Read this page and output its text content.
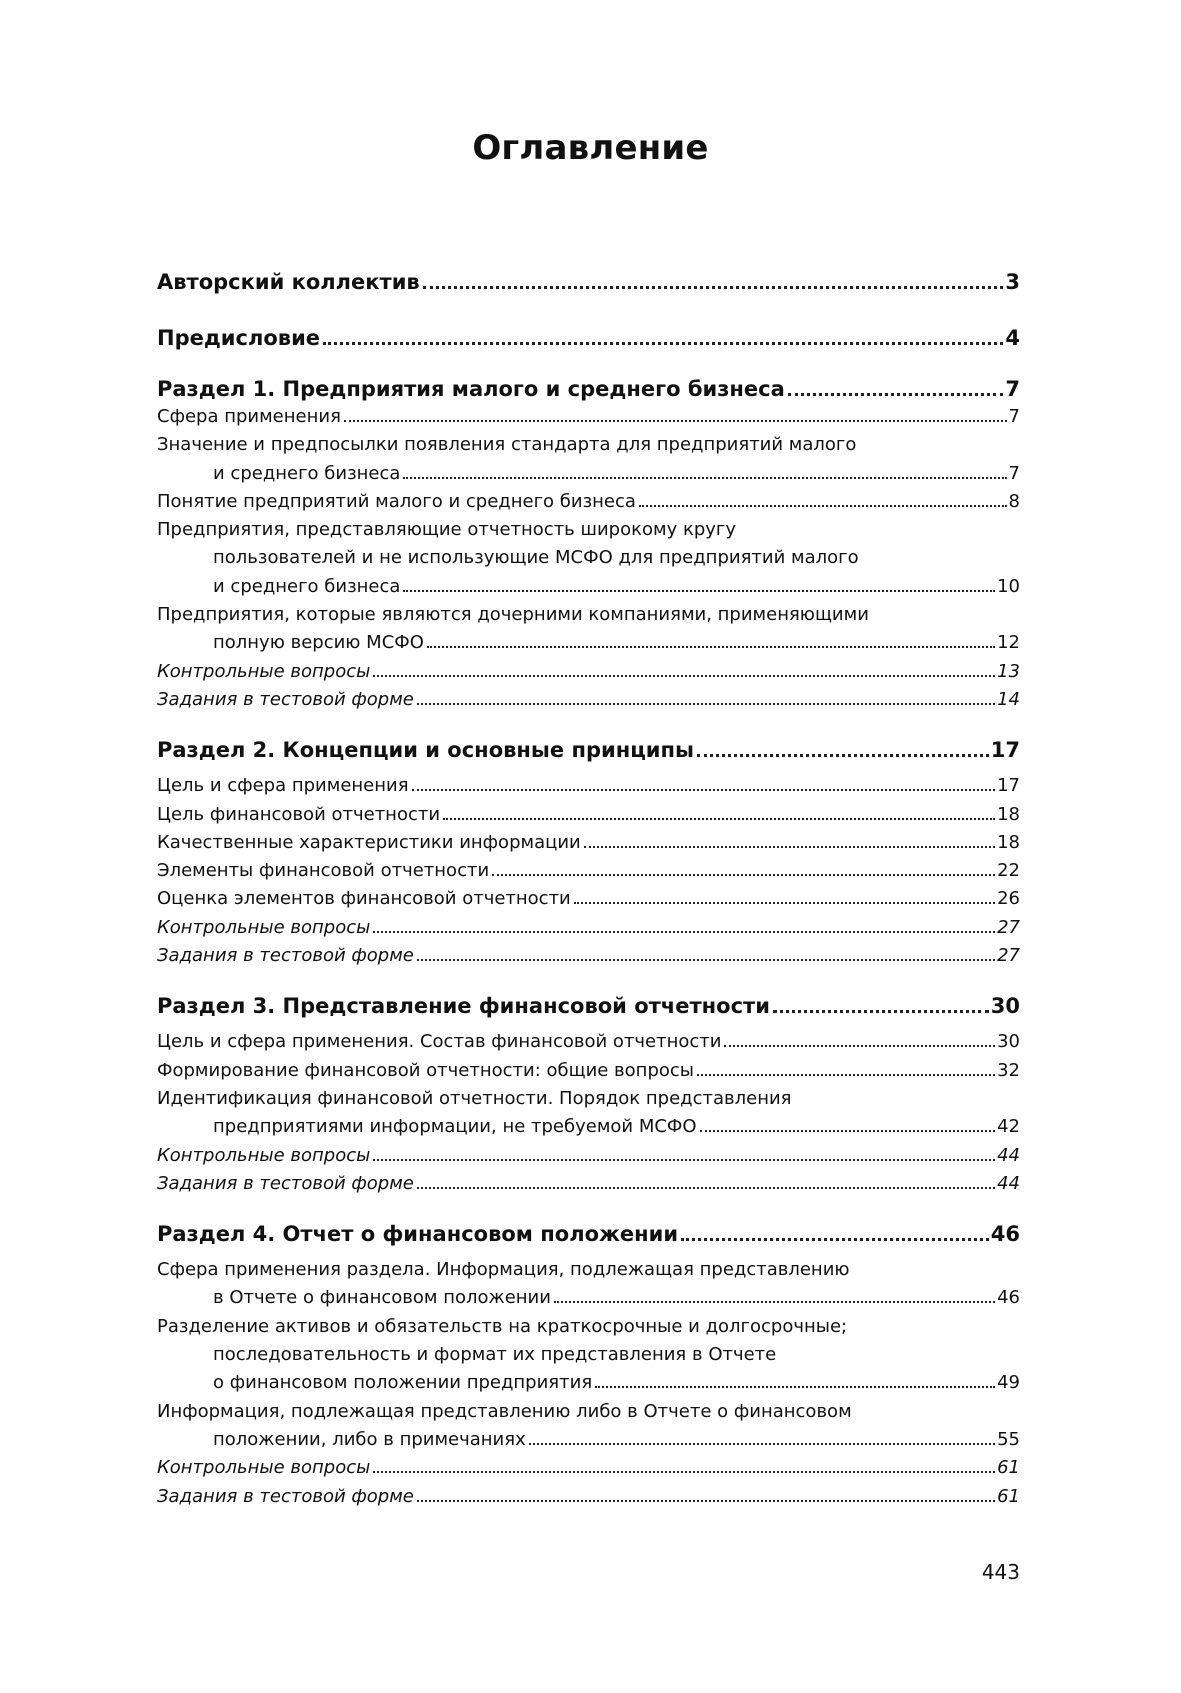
Оглавление
Авторский коллектив	3
Предисловие	4
Раздел 1. Предприятия малого и среднего бизнеса	7
Сфера применения	7
Значение и предпосылки появления стандарта для предприятий малого
и среднего бизнеса	7
Понятие предприятий малого и среднего бизнеса	8
Предприятия, представляющие отчетность широкому кругу
пользователей и не использующие МСФО для предприятий малого
и среднего бизнеса	10
Предприятия, которые являются дочерними компаниями, применяющими
полную версию МСФО	12
Контрольные вопросы	13
Задания в тестовой форме	14
Раздел 2. Концепции и основные принципы	17
Цель и сфера применения	17
Цель финансовой отчетности	18
Качественные характеристики информации	18
Элементы финансовой отчетности	22
Оценка элементов финансовой отчетности	26
Контрольные вопросы	27
Задания в тестовой форме	27
Раздел 3. Представление финансовой отчетности	30
Цель и сфера применения. Состав финансовой отчетности	30
Формирование финансовой отчетности: общие вопросы	32
Идентификация финансовой отчетности. Порядок представления
предприятиями информации, не требуемой МСФО	42
Контрольные вопросы	44
Задания в тестовой форме	44
Раздел 4. Отчет о финансовом положении	46
Сфера применения раздела. Информация, подлежащая представлению
в Отчете о финансовом положении	46
Разделение активов и обязательств на краткосрочные и долгосрочные;
последовательность и формат их представления в Отчете
о финансовом положении предприятия	49
Информация, подлежащая представлению либо в Отчете о финансовом
положении, либо в примечаниях	55
Контрольные вопросы	61
Задания в тестовой форме	61
443
